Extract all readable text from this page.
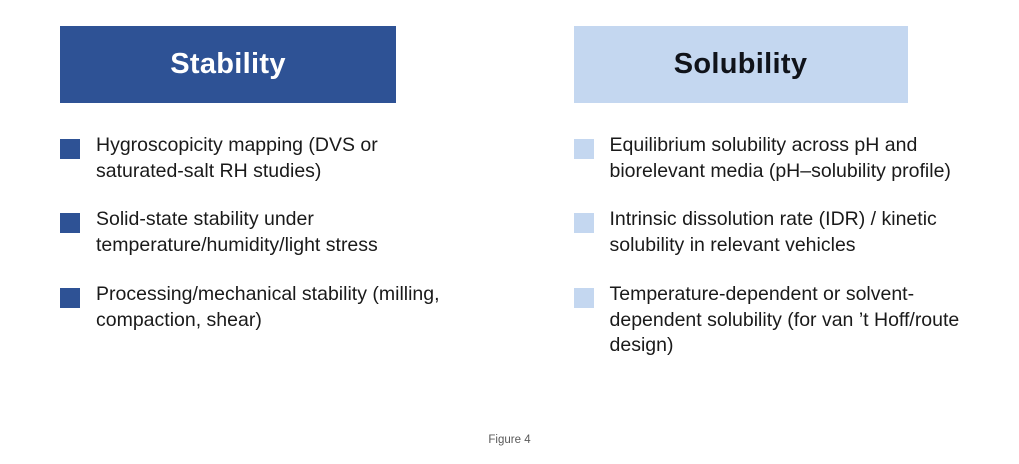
Stability
Hygroscopicity mapping (DVS or saturated-salt RH studies)
Solid-state stability under temperature/humidity/light stress
Processing/mechanical stability (milling, compaction, shear)
Solubility
Equilibrium solubility across pH and biorelevant media (pH–solubility profile)
Intrinsic dissolution rate (IDR) / kinetic solubility in relevant vehicles
Temperature-dependent or solvent-dependent solubility (for van ’t Hoff/route design)
Figure 4
